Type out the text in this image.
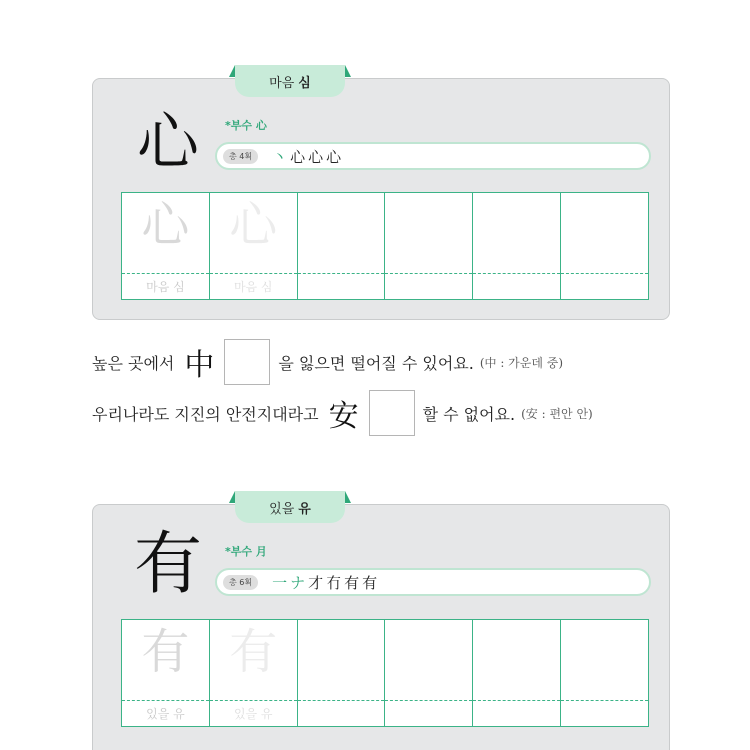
마음 심
心	*부수 心
총 4획	丶心心心
心
마음 심
心
마음 심
높은 곳에서 中	을 잃으면 떨어질 수 있어요. (中 : 가운데 중)
우리나라도 지진의 안전지대라고 安	할 수 없어요. (安 : 편안 안)
있을 유
有	*부수 月
총 6획	一ナ才冇有有
有
있을 유
有
있을 유
